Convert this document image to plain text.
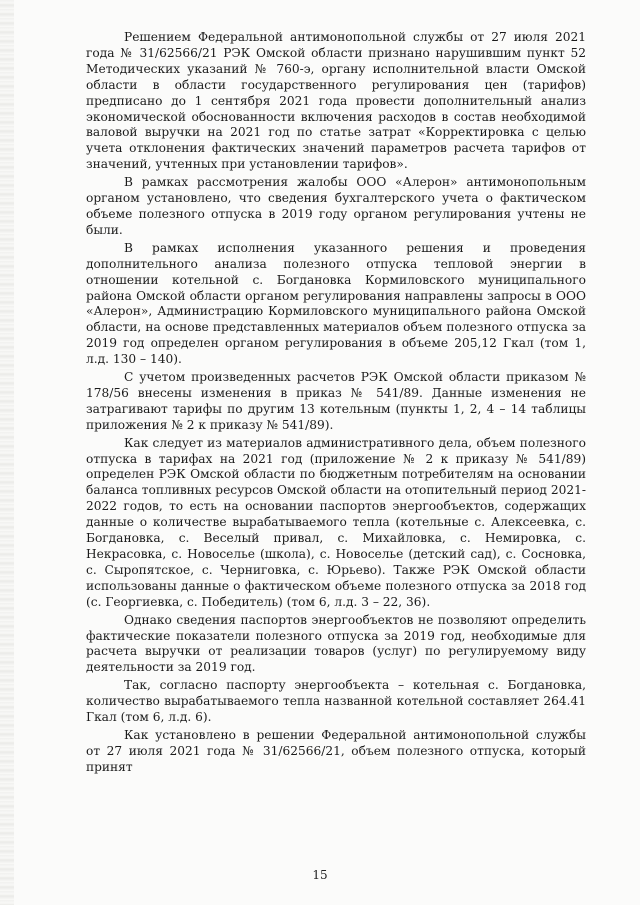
Решением Федеральной антимонопольной службы от 27 июля 2021 года № 31/62566/21 РЭК Омской области признано нарушившим пункт 52 Методических указаний № 760-э, органу исполнительной власти Омской области в области государственного регулирования цен (тарифов) предписано до 1 сентября 2021 года провести дополнительный анализ экономической обоснованности включения расходов в состав необходимой валовой выручки на 2021 год по статье затрат «Корректировка с целью учета отклонения фактических значений параметров расчета тарифов от значений, учтенных при установлении тарифов».

В рамках рассмотрения жалобы ООО «Алерон» антимонопольным органом установлено, что сведения бухгалтерского учета о фактическом объеме полезного отпуска в 2019 году органом регулирования учтены не были.

В рамках исполнения указанного решения и проведения дополнительного анализа полезного отпуска тепловой энергии в отношении котельной с. Богдановка Кормиловского муниципального района Омской области органом регулирования направлены запросы в ООО «Алерон», Администрацию Кормиловского муниципального района Омской области, на основе представленных материалов объем полезного отпуска за 2019 год определен органом регулирования в объеме 205,12 Гкал (том 1, л.д. 130 – 140).

С учетом произведенных расчетов РЭК Омской области приказом № 178/56 внесены изменения в приказ № 541/89. Данные изменения не затрагивают тарифы по другим 13 котельным (пункты 1, 2, 4 – 14 таблицы приложения № 2 к приказу № 541/89).

Как следует из материалов административного дела, объем полезного отпуска в тарифах на 2021 год (приложение № 2 к приказу № 541/89) определен РЭК Омской области по бюджетным потребителям на основании баланса топливных ресурсов Омской области на отопительный период 2021-2022 годов, то есть на основании паспортов энергообъектов, содержащих данные о количестве вырабатываемого тепла (котельные с. Алексеевка, с. Богдановка, с. Веселый привал, с. Михайловка, с. Немировка, с. Некрасовка, с. Новоселье (школа), с. Новоселье (детский сад), с. Сосновка, с. Сыропятское, с. Черниговка, с. Юрьево). Также РЭК Омской области использованы данные о фактическом объеме полезного отпуска за 2018 год (с. Георгиевка, с. Победитель) (том 6, л.д. 3 – 22, 36).

Однако сведения паспортов энергообъектов не позволяют определить фактические показатели полезного отпуска за 2019 год, необходимые для расчета выручки от реализации товаров (услуг) по регулируемому виду деятельности за 2019 год.

Так, согласно паспорту энергообъекта – котельная с. Богдановка, количество вырабатываемого тепла названной котельной составляет 264.41 Гкал (том 6, л.д. 6).

Как установлено в решении Федеральной антимонопольной службы от 27 июля 2021 года № 31/62566/21, объем полезного отпуска, который принят

15
